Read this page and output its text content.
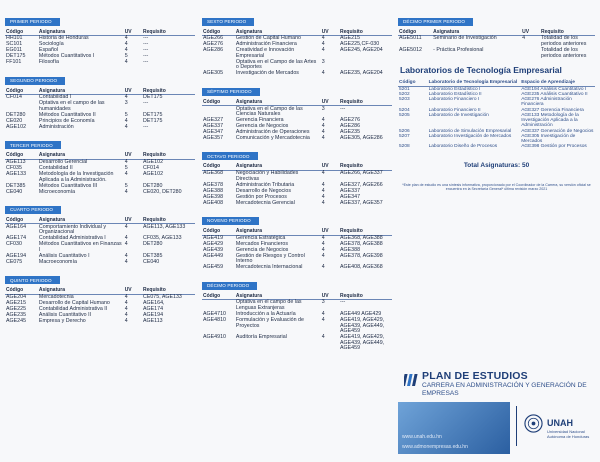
PRIMER PERIODO
Código	Asignatura	UV	Requisito
HH101	Historia de Honduras	4	---
SC101	Sociología	4	---
EG011	Español	4	---
DET175	Métodos Cuantitativos I	5	---
FF101	Filosofía	4	---
SEGUNDO PERIODO
Código	Asignatura	UV	Requisito
CF014	Contabilidad I	4	DET175
	Optativa en el campo de las humanidades	3	---
DET280	Métodos Cuantitativos II	5	DET175
CE020	Principios de Economía	4	DET175
AGE102	Administración	4	---
TERCER PERIODO
Código	Asignatura	UV	Requisito
AGE113	Desarrollo Gerencial	4	AGE102
CF035	Contabilidad II	5	CF014
AGE133	Metodología de la Investigación Aplicada a la Administración.	4	AGE102
DET385	Métodos Cuantitativos III	5	DET280
CE040	Microeconomía	4	CE020, DET280
CUARTO PERIODO
Código	Asignatura	UV	Requisito
AGE164	Comportamiento Individual y Organizacional	4	AGE113, AGE133
AGE174	Contabilidad Administrativa I	4	CF035, AGE133
CF030	Métodos Cuantitativos en Finanzas I	4	DET280
AGE194	Análisis Cuantitativo I	4	DET385
CE075	Macroeconomía	4	CE040
QUINTO PERIODO
Código	Asignatura	UV	Requisito
AGE204	Mercadotecnia	4	CE075, AGE133
AGE215	Desarrollo de Capital Humano	4	AGE164,
AGE225	Contabilidad Administrativa II	4	AGE174
AGE235	Análisis Cuantitativo II	4	AGE194
AGE245	Empresa y Derecho	4	AGE113
SEXTO PERIODO
Código	Asignatura	UV	Requisito
AGE266	Gestión de Capital Humano	4	AGE215
AGE276	Administración Financiera	4	AGE225,CF-030
AGE286	Creatividad e Innovación Empresarial	4	AGE245, AGE204
	Optativa en el Campo de las Artes o Deportes	3	
AGE305	Investigación de Mercados	4	AGE235, AGE204
SÉPTIMO PERIODO
Código	Asignatura	UV	Requisito
	Optativa en el Campo de las Ciencias Naturales	3	---
AGE327	Gerencia Financiera	4	AGE276
AGE337	Gerencia de Negocios	4	AGE286
AGE347	Administración de Operaciones	4	AGE235
AGE357	Comunicación y Mercadotecnia	4	AGE305, AGE286
OCTAVO PERIODO
Código	Asignatura	UV	Requisito
AGE368	Negociación y Habilidades Directivas	4	AGE266, AGE337
AGE378	Administración Tributaria	4	AGE327, AGE266
AGE388	Desarrollo de Negocios	4	AGE337
AGE398	Gestión por Procesos	4	AGE347
AGE408	Mercadotecnia Gerencial	4	AGE337, AGE357
NOVENO PERIODO
Código	Asignatura	UV	Requisito
AGE419	Gerencia Estratégica	4	AGE368, AGE388
AGE429	Mercados Financieros	4	AGE378, AGE388
AGE439	Gerencia de Negocios	4	AGE388
AGE449	Gestión de Riesgos y Control Interno	4	AGE378, AGE398
AGE459	Mercadotecnia Internacional	4	AGE408, AGE368
DÉCIMO PERIODO
Código	Asignatura	UV	Requisito
	Optativa en el campo de las Lenguas Extranjeras	3	---
AGE4710	Introducción a la Actuaría	4	AGE449 AGE429
AGE4810	Formulación y Evaluación de Proyectos	4	AGE419, AGE429, AGE439, AGE449, AGE459
AGE4910	Auditoría Empresarial	4	AGE419, AGE429, AGE439, AGE449, AGE459
DÉCIMO PRIMER PERIODO
Código	Asignatura	UV	Requisito
AGE5011	Seminario de Investigación	4	Totalidad de los periodos anteriores
AGE5012	- Práctica Profesional		Totalidad de los periodos anteriores
Laboratorios de Tecnología Empresarial
Código	Laboratorio de Tecnología Empresarial	Espacio de Aprendizaje
5201	Laboratorio Estadístico I	AGE194 Análisis Cuantitativo I
5202	Laboratorio Estadístico II	AGE235 Análisis Cuantitativo II
5203	Laboratorio Financiero I	AGE276 Administración Financiera
5204	Laboratorio Financiero II	AGE327 Gerencia Financiera
5205	Laboratorio de Investigación	AGE133 Metodología de la Investigación Aplicada a la Administración
5206	Laboratorio de Simulación Empresarial	AGE337 Generación de Negocios
5207	Laboratorio Investigación de Mercados	AGE305 Investigación de Mercados
5208	Laboratorio Diseño de Procesos	AGE398 Gestión por Procesos
Total Asignaturas: 50
*Este plan de estudio es una síntesis informativa, proporcionado por el Coordinador de la Carrera, su versión oficial se encuentra en la Secretaría General* última revisión marzo 2021
PLAN DE ESTUDIOS
CARRERA EN ADMINISTRACIÓN Y GENERACIÓN DE EMPRESAS
www.unah.edu.hn
www.admonempresas.edu.hn
UNAH
Universidad Nacional Autónoma de Honduras
